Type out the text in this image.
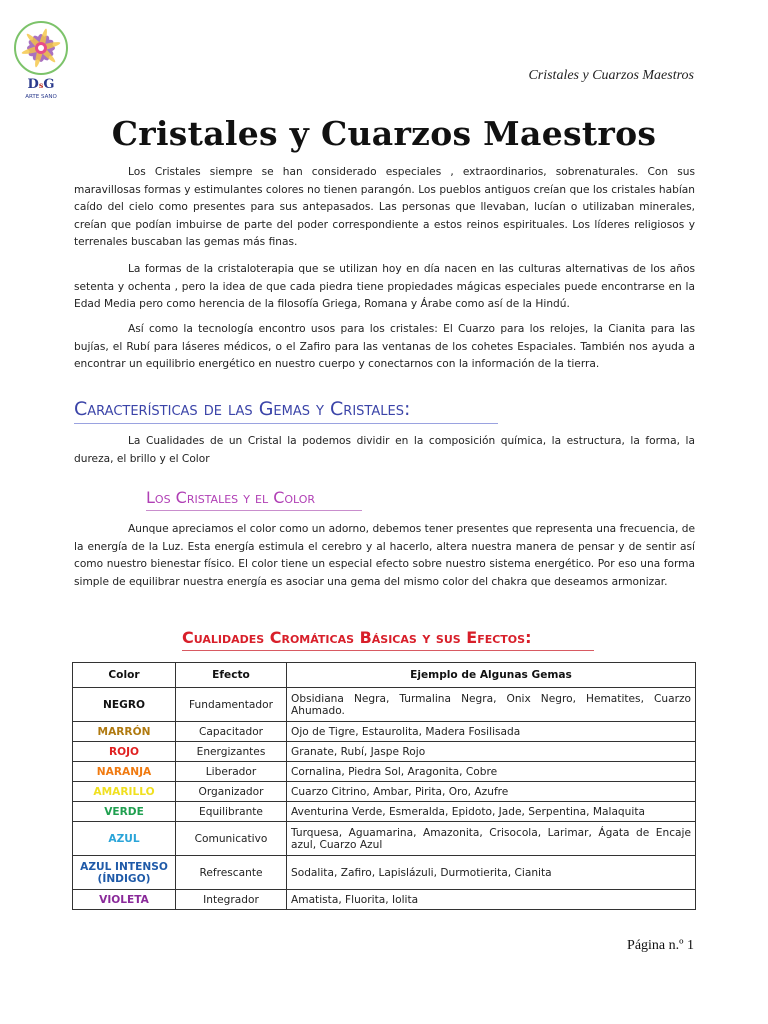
DsG
ARTE SANO
Cristales y Cuarzos Maestros
Cristales y Cuarzos Maestros

Los Cristales siempre se han considerado especiales , extraordinarios, sobrenaturales. Con sus maravillosas formas y estimulantes colores no tienen parangón. Los pueblos antiguos creían que los cristales habían caído del cielo como presentes para sus antepasados. Las personas que llevaban, lucían o utilizaban minerales, creían que podían imbuirse de parte del poder correspondiente a estos reinos espirituales. Los líderes religiosos y terrenales buscaban las gemas más finas.

La formas de la cristaloterapia que se utilizan hoy en día nacen en las culturas alternativas de los años setenta y ochenta , pero la idea de que cada piedra tiene propiedades mágicas especiales puede encontrarse en la Edad Media pero como herencia de la filosofía Griega, Romana y Árabe como así de la Hindú.

Así como la tecnología encontro usos para los cristales: El Cuarzo para los relojes, la Cianita para las bujías, el Rubí para láseres médicos, o el Zafiro para las ventanas de los cohetes Espaciales. También nos ayuda a encontrar un equilibrio energético en nuestro cuerpo y conectarnos con la información de la tierra.

Características de las Gemas y Cristales:

La Cualidades de un Cristal la podemos dividir en la composición química, la estructura, la forma, la dureza, el brillo y el Color

Los Cristales y el Color

Aunque apreciamos el color como un adorno, debemos tener presentes que representa una frecuencia, de la energía de la Luz. Esta energía estimula el cerebro y al hacerlo, altera nuestra manera de pensar y de sentir así como nuestro bienestar físico. El color tiene un especial efecto sobre nuestro sistema energético. Por eso una forma simple de equilibrar nuestra energía es asociar una gema del mismo color del chakra que deseamos armonizar.

Cualidades Cromáticas Básicas y sus Efectos:
Color	Efecto	Ejemplo de Algunas Gemas
NEGRO	Fundamentador	Obsidiana Negra, Turmalina Negra, Onix Negro, Hematites, Cuarzo Ahumado.
MARRÓN	Capacitador	Ojo de Tigre, Estaurolita, Madera Fosilisada
ROJO	Energizantes	Granate, Rubí, Jaspe Rojo
NARANJA	Liberador	Cornalina, Piedra Sol, Aragonita, Cobre
AMARILLO	Organizador	Cuarzo Citrino, Ambar, Pirita, Oro, Azufre
VERDE	Equilibrante	Aventurina Verde, Esmeralda, Epidoto, Jade, Serpentina, Malaquita
AZUL	Comunicativo	Turquesa, Aguamarina, Amazonita, Crisocola, Larimar, Ágata de Encaje azul, Cuarzo Azul
AZUL INTENSO (ÍNDIGO)	Refrescante	Sodalita, Zafiro, Lapislázuli, Durmotierita, Cianita
VIOLETA	Integrador	Amatista, Fluorita, Iolita
Página n.º 1
